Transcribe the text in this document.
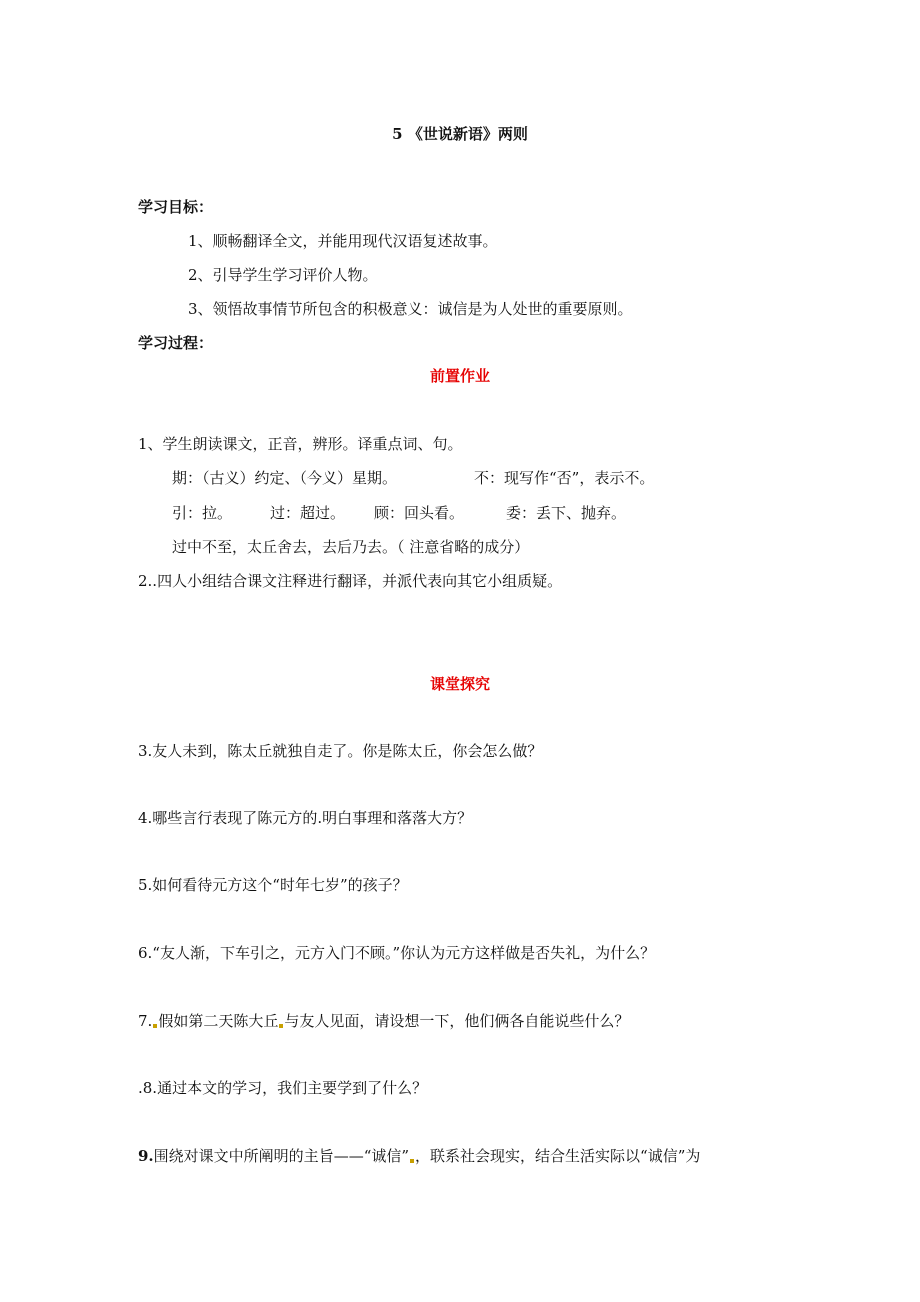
5 《世说新语》两则
学习目标：
1、顺畅翻译全文，并能用现代汉语复述故事。
2、引导学生学习评价人物。
3、领悟故事情节所包含的积极意义：诚信是为人处世的重要原则。
学习过程：
前置作业
1、学生朗读课文，正音，辨形。译重点词、句。
期：（古义）约定、（今义）星期。	不：现写作“否”，表示不。
引：拉。	过：超过。 顾：回头看。	委：丢下、抛弃。
过中不至，太丘舍去，去后乃去。（ 注意省略的成分）
2..四人小组结合课文注释进行翻译，并派代表向其它小组质疑。
课堂探究
3.友人未到，陈太丘就独自走了。你是陈太丘，你会怎么做？
4.哪些言行表现了陈元方的.明白事理和落落大方？
5.如何看待元方这个“时年七岁”的孩子？
6.“友人渐，下车引之，元方入门不顾。”你认为元方这样做是否失礼，为什么？
7. 假如第二天陈大丘 与友人见面，请设想一下，他们俩各自能说些什么？
.8.通过本文的学习，我们主要学到了什么？
9.围绕对课文中所阐明的主旨——“诚信” ，联系社会现实，结合生活实际以“诚信”为
